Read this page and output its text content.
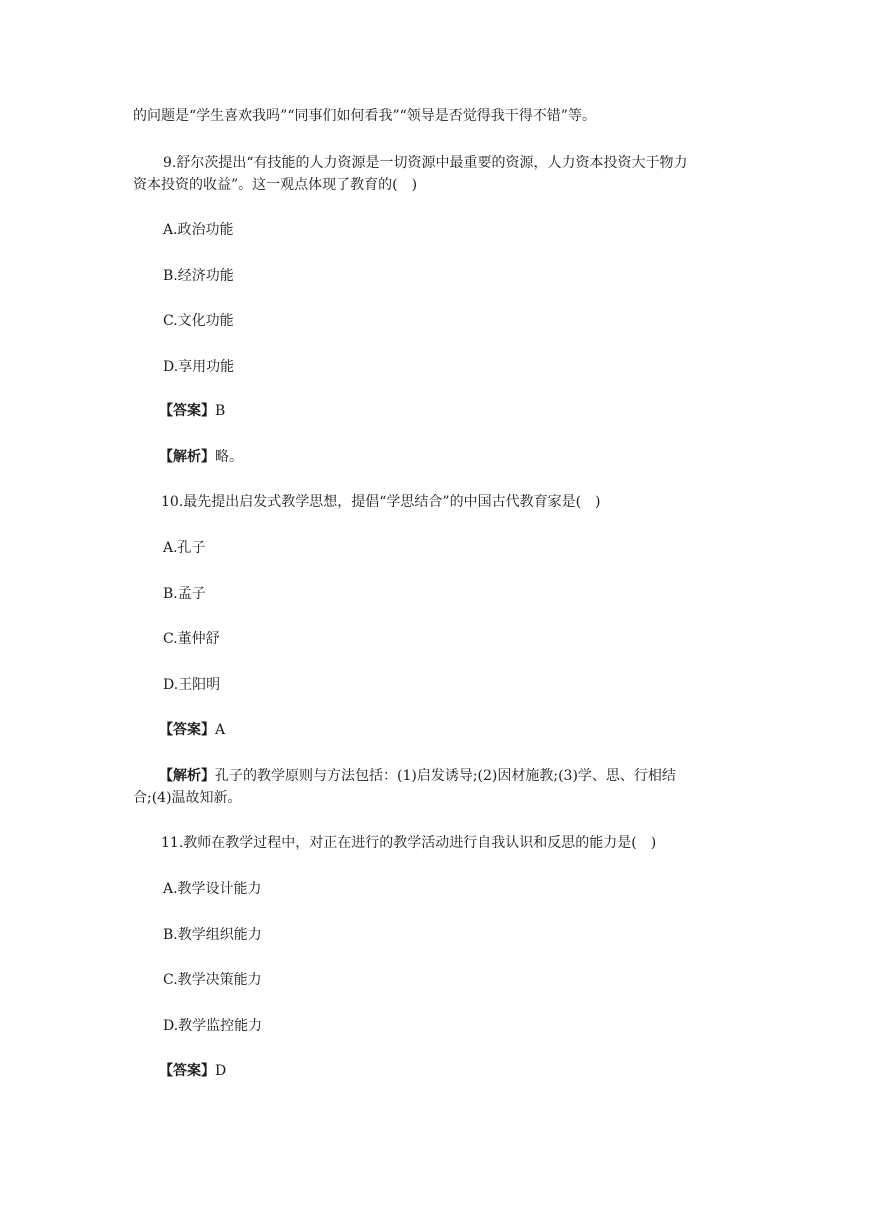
的问题是“学生喜欢我吗”“同事们如何看我”“领导是否觉得我干得不错”等。
9.舒尔茨提出“有技能的人力资源是一切资源中最重要的资源，人力资本投资大于物力
资本投资的收益”。这一观点体现了教育的(　)
A.政治功能
B.经济功能
C.文化功能
D.享用功能
【答案】B
【解析】略。
10.最先提出启发式教学思想，提倡“学思结合”的中国古代教育家是(　)
A.孔子
B.孟子
C.董仲舒
D.王阳明
【答案】A
【解析】孔子的教学原则与方法包括：(1)启发诱导;(2)因材施教;(3)学、思、行相结
合;(4)温故知新。
11.教师在教学过程中，对正在进行的教学活动进行自我认识和反思的能力是(　)
A.教学设计能力
B.教学组织能力
C.教学决策能力
D.教学监控能力
【答案】D
